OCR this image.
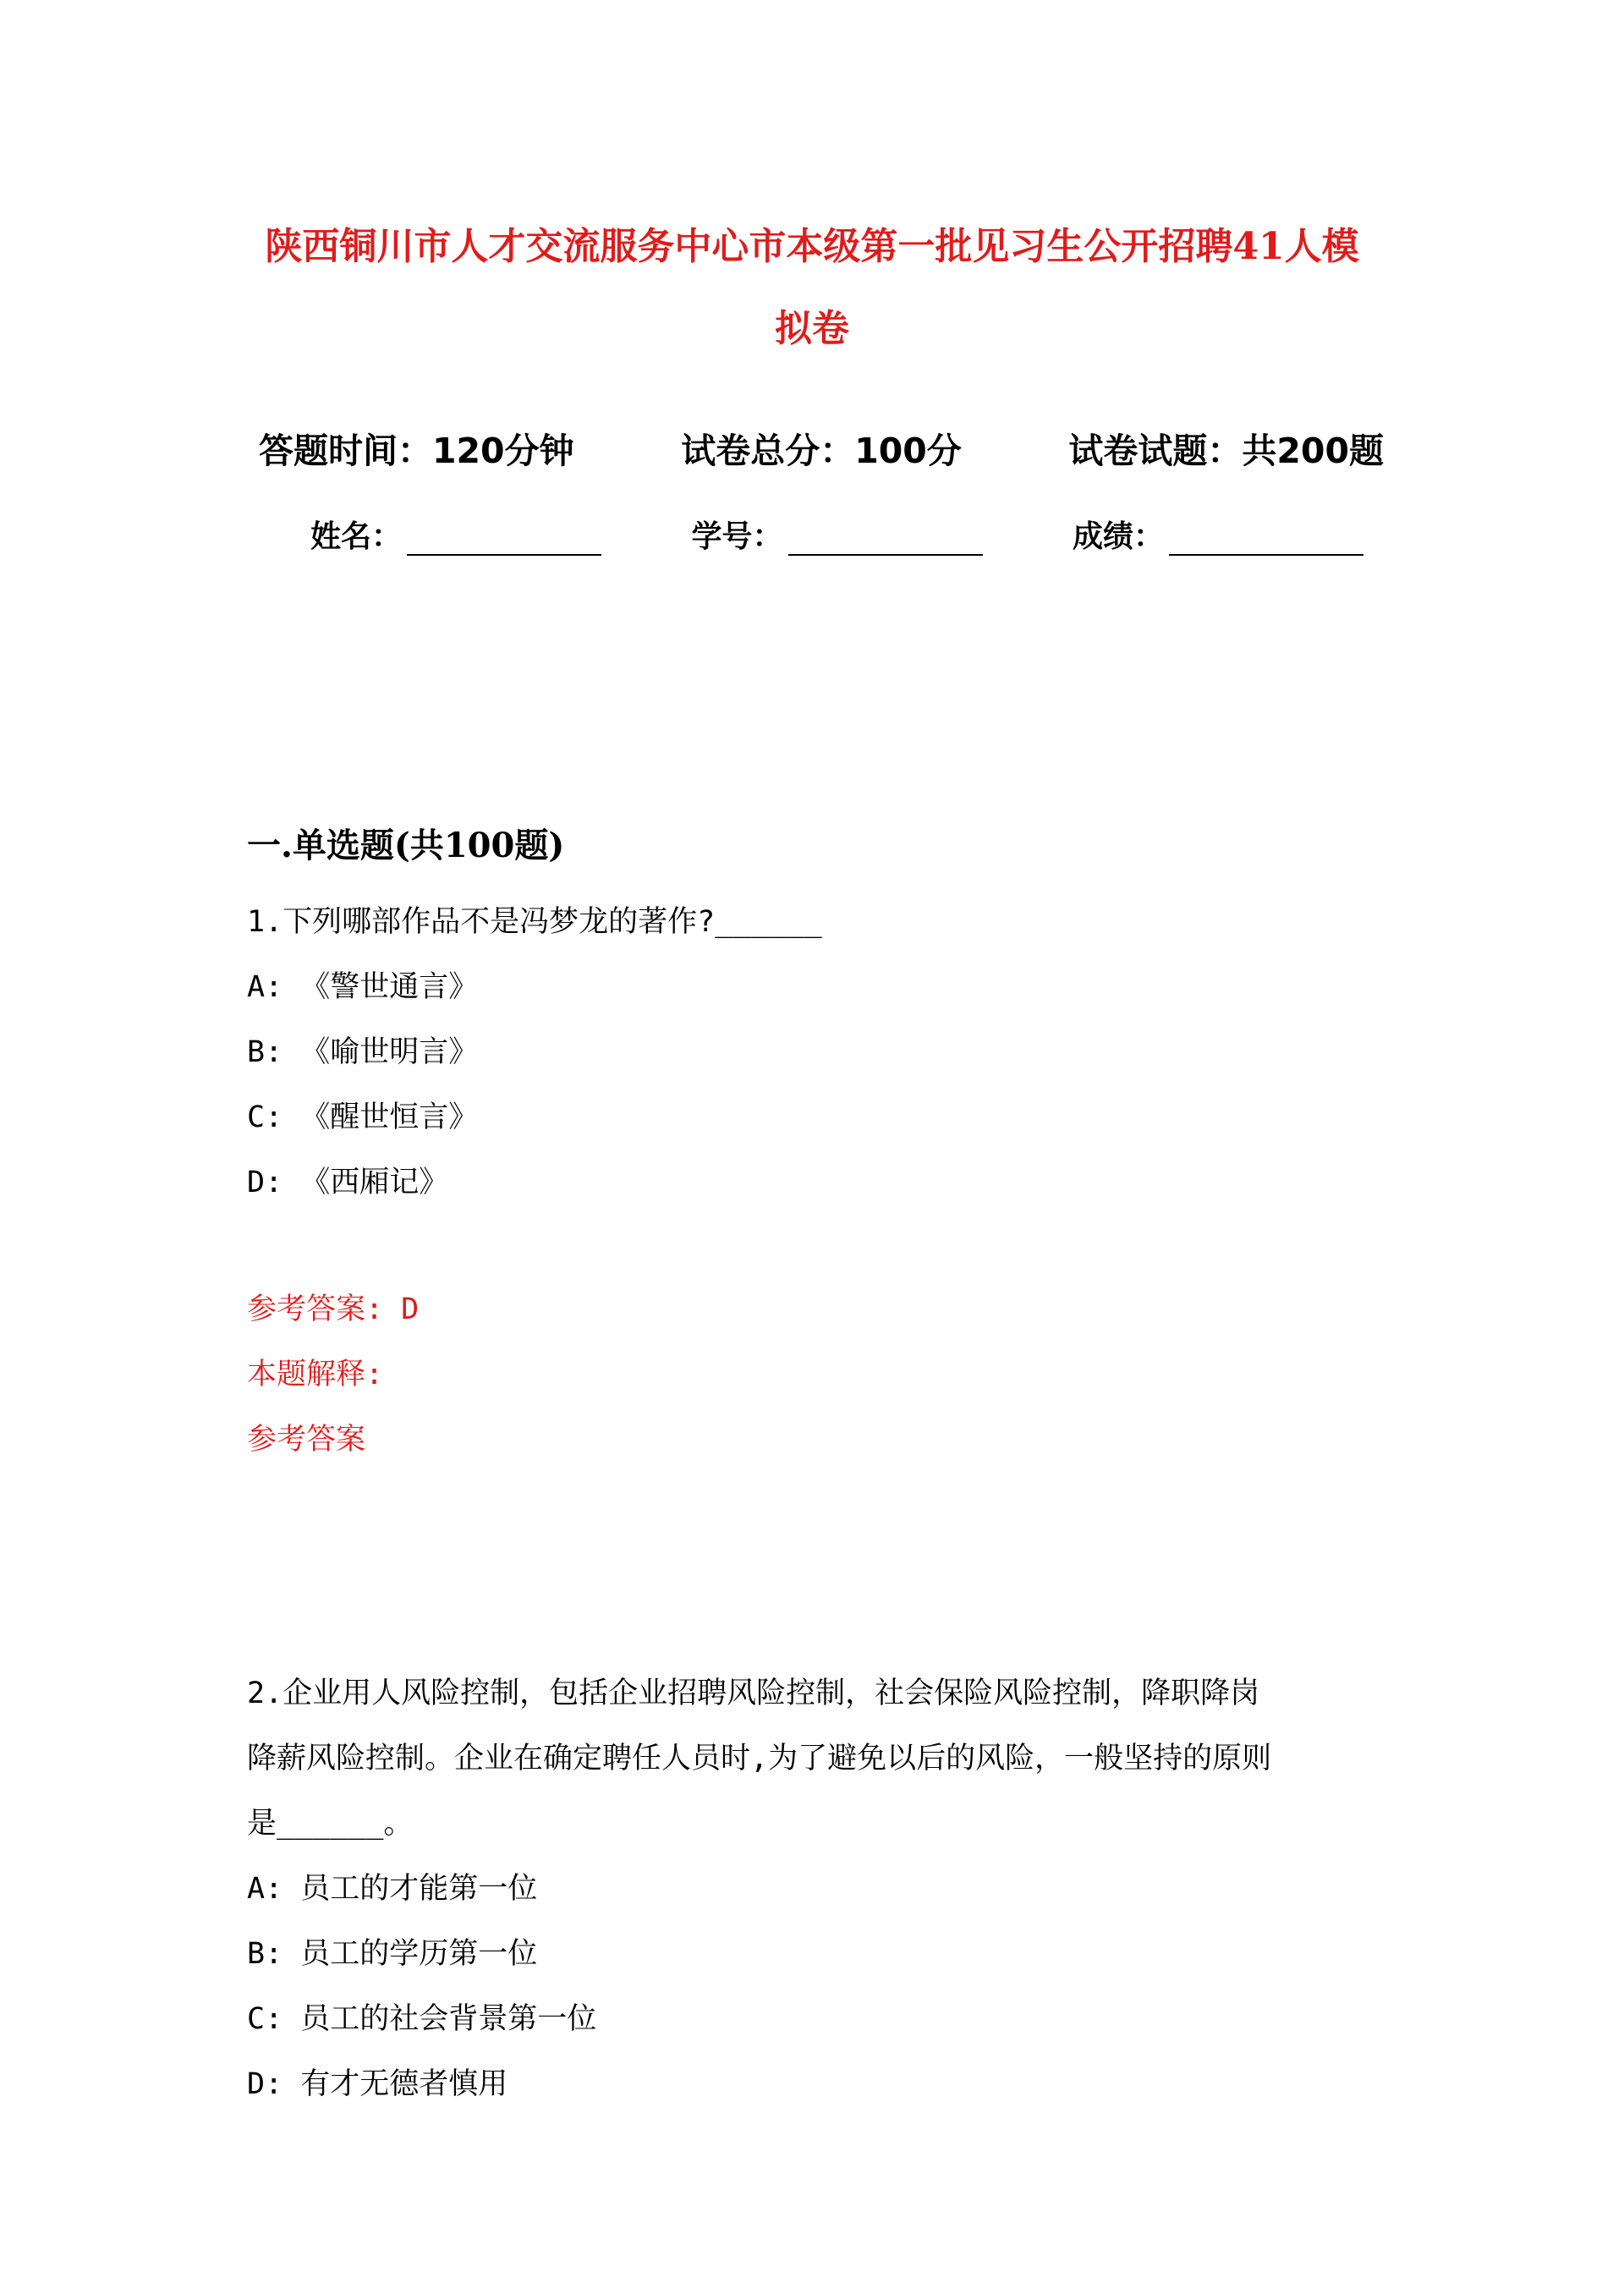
陕西铜川市人才交流服务中心市本级第一批见习生公开招聘41人模
拟卷
答题时间：120分钟	试卷总分：100分	试卷试题：共200题
姓名：	学号：	成绩：
一.单选题(共100题)
1.下列哪部作品不是冯梦龙的著作?______
A: 《警世通言》
B: 《喻世明言》
C: 《醒世恒言》
D: 《西厢记》
参考答案: D
本题解释:
参考答案
2.企业用人风险控制，包括企业招聘风险控制，社会保险风险控制，降职降岗
降薪风险控制。企业在确定聘任人员时,为了避免以后的风险，一般坚持的原则
是______。
A: 员工的才能第一位
B: 员工的学历第一位
C: 员工的社会背景第一位
D: 有才无德者慎用
